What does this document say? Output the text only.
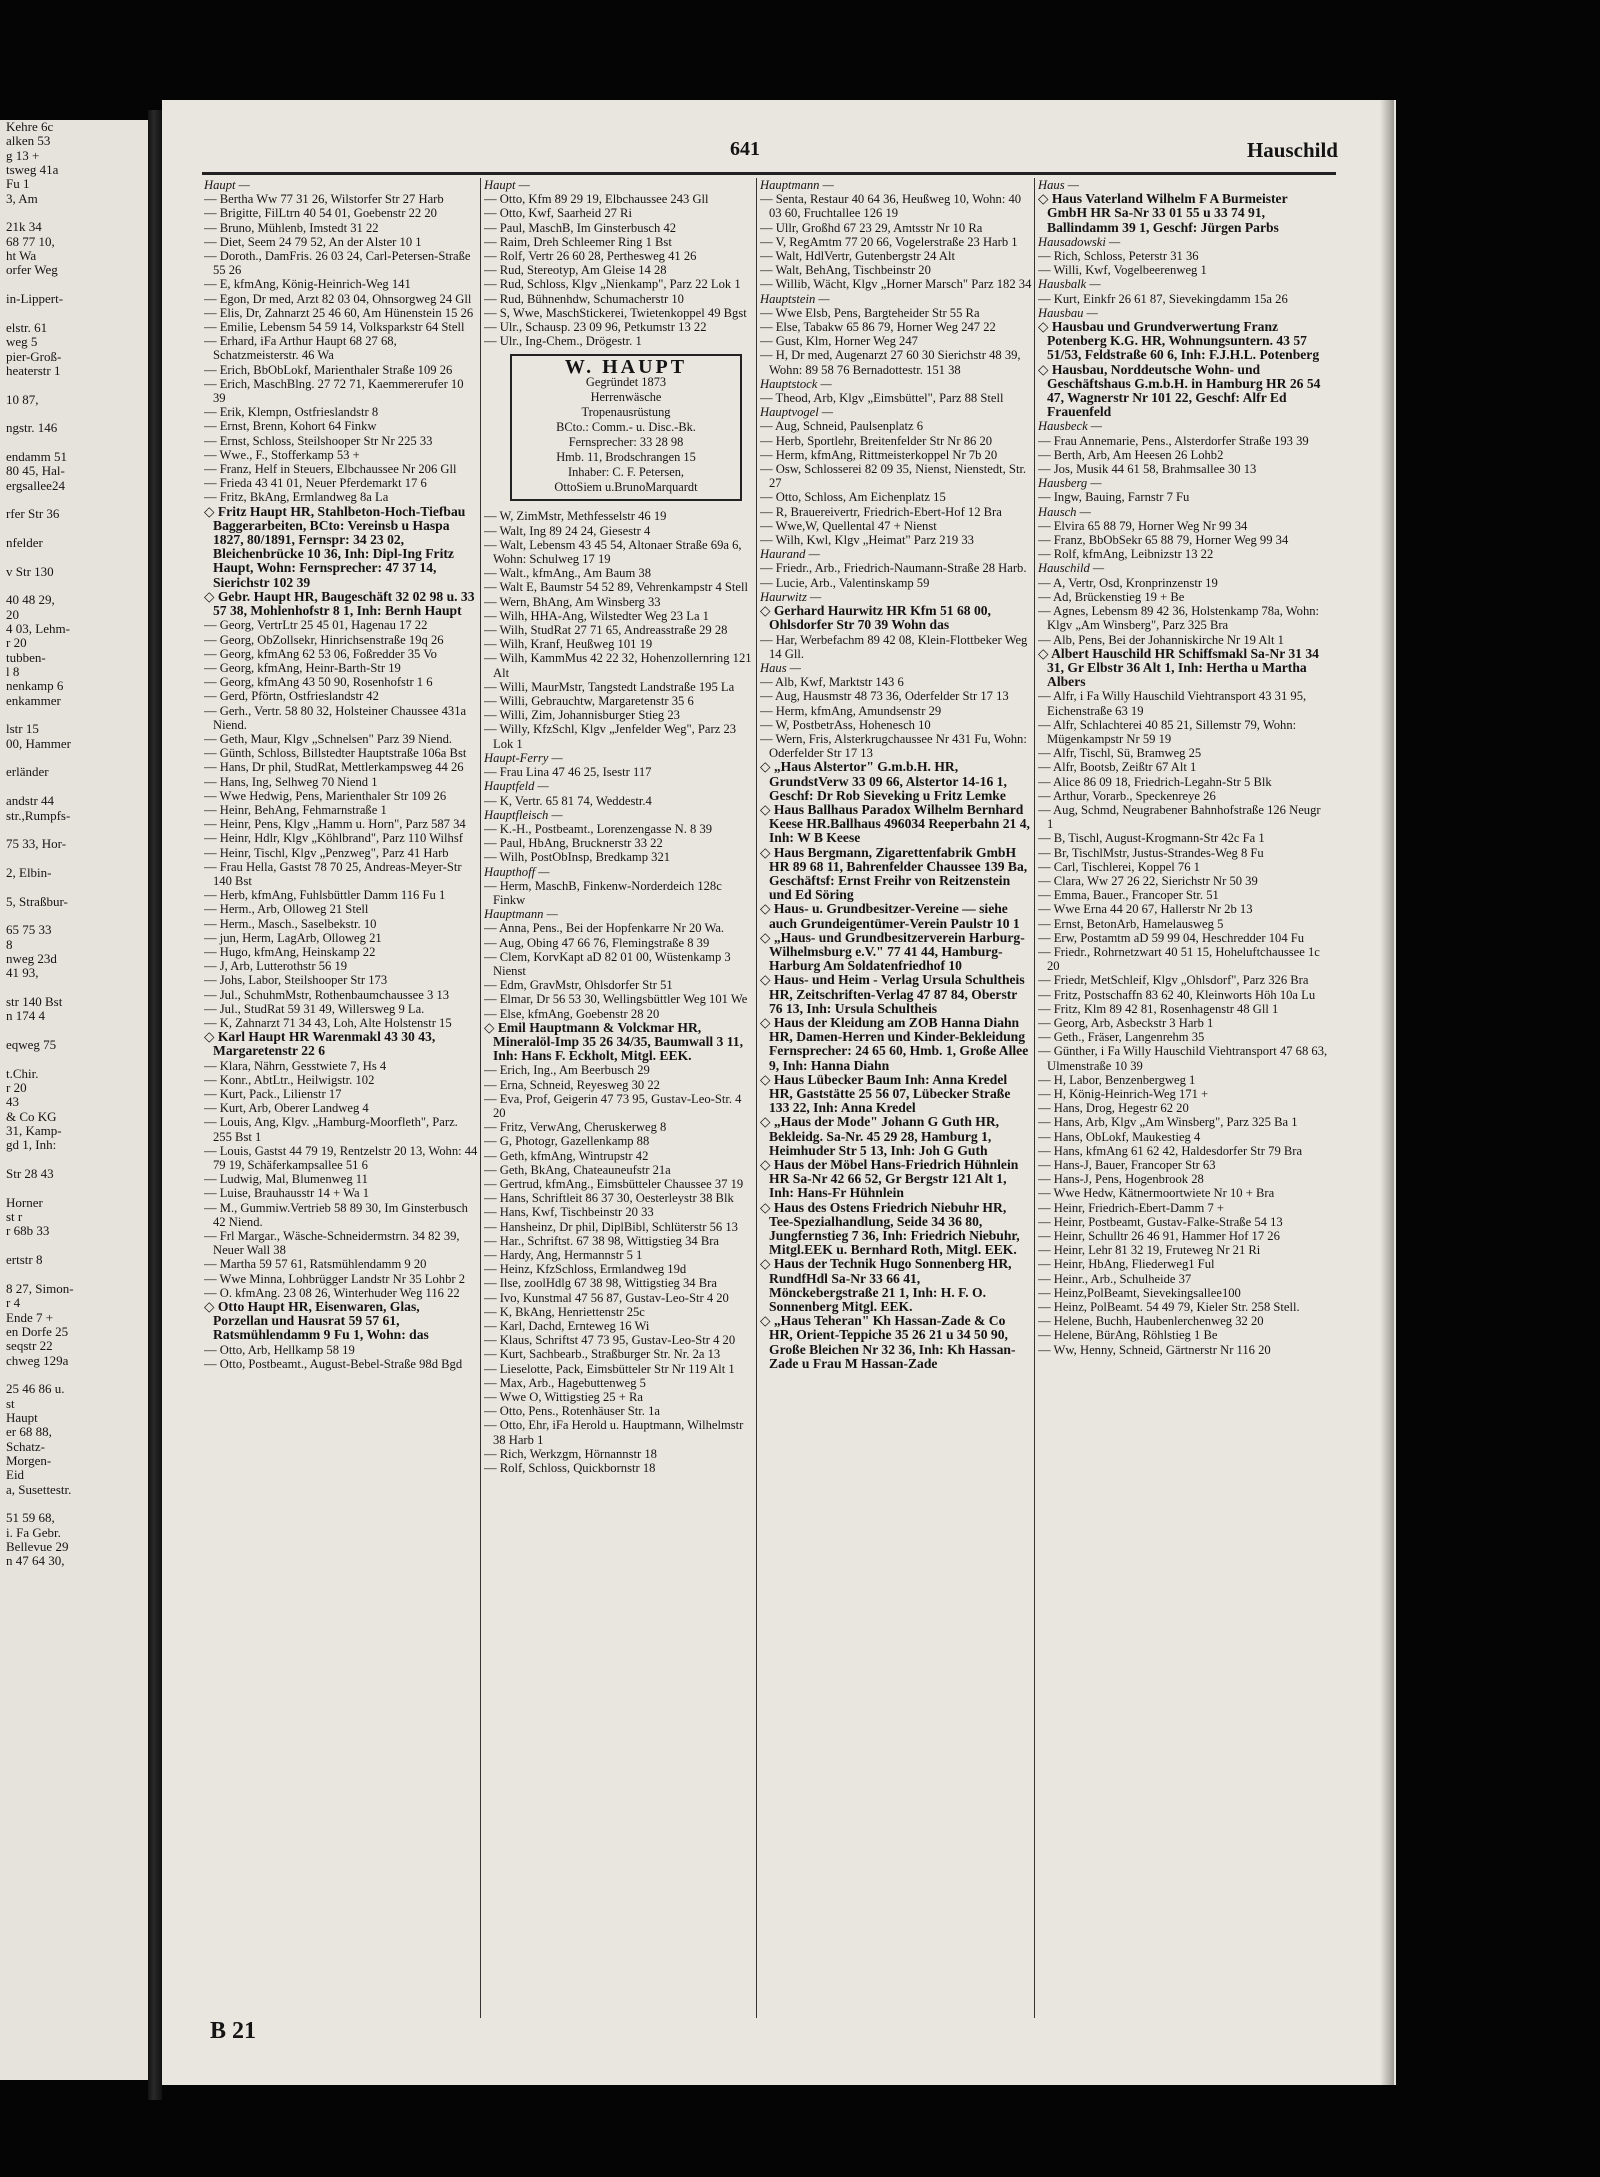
Kehre 6c
alken 53
g 13 +
tsweg 41a
Fu 1
3, Am

21k 34
68 77 10,
ht Wa
orfer Weg

in-Lippert-

elstr. 61
weg 5
pier-Groß-
heaterstr 1

10 87,

ngstr. 146

endamm 51
80 45, Hal-
ergsallee24

rfer Str 36

nfelder

v Str 130

40 48 29,
20
4 03, Lehm-
r 20
tubben-
l 8
nenkamp 6
enkammer

lstr 15
00, Hammer

erländer

andstr 44
str.,Rumpfs-

75 33, Hor-

2, Elbin-

5, Straßbur-

65 75 33
8
nweg 23d
41 93,

str 140 Bst
n 174 4

eqweg 75

t.Chir.
r 20
43
& Co KG
31, Kamp-
gd 1, Inh:

Str 28 43

Horner
st r
r 68b 33

ertstr 8

8 27, Simon-
r 4
Ende 7 +
en Dorfe 25
seqstr 22
chweg 129a

25 46 86 u.
st
Haupt
er 68 88,
Schatz-
Morgen-
Eid
a, Susettestr.

51 59 68,
i. Fa Gebr.
Bellevue 29
n 47 64 30,
641	Hauschild
Haupt —
— Bertha Ww 77 31 26, Wilstorfer Str 27 Harb
— Brigitte, FilLtrn 40 54 01, Goebenstr 22 20
— Bruno, Mühlenb, Imstedt 31 22
— Diet, Seem 24 79 52, An der Alster 10 1
— Doroth., DamFris. 26 03 24, Carl-Petersen-Straße 55 26
— E, kfmAng, König-Heinrich-Weg 141
— Egon, Dr med, Arzt 82 03 04, Ohnsorgweg 24 Gll
— Elis, Dr, Zahnarzt 25 46 60, Am Hünenstein 15 26
— Emilie, Lebensm 54 59 14, Volksparkstr 64 Stell
— Erhard, iFa Arthur Haupt 68 27 68, Schatzmeisterstr. 46 Wa
— Erich, BbObLokf, Marienthaler Straße 109 26
— Erich, MaschBlng. 27 72 71, Kaemmererufer 10 39
— Erik, Klempn, Ostfrieslandstr 8
— Ernst, Brenn, Kohort 64 Finkw
— Ernst, Schloss, Steilshooper Str Nr 225 33
— Wwe., F., Stofferkamp 53 +
— Franz, Helf in Steuers, Elbchaussee Nr 206 Gll
— Frieda 43 41 01, Neuer Pferdemarkt 17 6
— Fritz, BkAng, Ermlandweg 8a La
◇ Fritz Haupt HR, Stahlbeton-Hoch-Tiefbau Baggerarbeiten, BCto: Vereinsb u Haspa 1827, 80/1891, Fernspr: 34 23 02, Bleichenbrücke 10 36, Inh: Dipl-Ing Fritz Haupt, Wohn: Fernsprecher: 47 37 14, Sierichstr 102 39
◇ Gebr. Haupt HR, Baugeschäft 32 02 98 u. 33 57 38, Mohlenhofstr 8 1, Inh: Bernh Haupt
— Georg, VertrLtr 25 45 01, Hagenau 17 22
— Georg, ObZollsekr, Hinrichsenstraße 19q 26
— Georg, kfmAng 62 53 06, Foßredder 35 Vo
— Georg, kfmAng, Heinr-Barth-Str 19
— Georg, kfmAng 43 50 90, Rosenhofstr 1 6
— Gerd, Pförtn, Ostfrieslandstr 42
— Gerh., Vertr. 58 80 32, Holsteiner Chaussee 431a Niend.
— Geth, Maur, Klgv „Schnelsen" Parz 39 Niend.
— Günth, Schloss, Billstedter Hauptstraße 106a Bst
— Hans, Dr phil, StudRat, Mettlerkampsweg 44 26
— Hans, Ing, Selhweg 70 Niend 1
— Wwe Hedwig, Pens, Marienthaler Str 109 26
— Heinr, BehAng, Fehmarnstraße 1
— Heinr, Pens, Klgv „Hamm u. Horn", Parz 587 34
— Heinr, Hdlr, Klgv „Köhlbrand", Parz 110 Wilhsf
— Heinr, Tischl, Klgv „Penzweg", Parz 41 Harb
— Frau Hella, Gastst 78 70 25, Andreas-Meyer-Str 140 Bst
— Herb, kfmAng, Fuhlsbüttler Damm 116 Fu 1
— Herm., Arb, Olloweg 21 Stell
— Herm., Masch., Saselbekstr. 10
— jun, Herm, LagArb, Olloweg 21
— Hugo, kfmAng, Heinskamp 22
— J, Arb, Lutterothstr 56 19
— Johs, Labor, Steilshooper Str 173
— Jul., SchuhmMstr, Rothenbaumchaussee 3 13
— Jul., StudRat 59 31 49, Willersweg 9 La.
— K, Zahnarzt 71 34 43, Loh, Alte Holstenstr 15
◇ Karl Haupt HR Warenmakl 43 30 43, Margaretenstr 22 6
— Klara, Nährn, Gesstwiete 7, Hs 4
— Konr., AbtLtr., Heilwigstr. 102
— Kurt, Pack., Lilienstr 17
— Kurt, Arb, Oberer Landweg 4
— Louis, Ang, Klgv. „Hamburg-Moorfleth", Parz. 255 Bst 1
— Louis, Gastst 44 79 19, Rentzelstr 20 13, Wohn: 44 79 19, Schäferkampsallee 51 6
— Ludwig, Mal, Blumenweg 11
— Luise, Brauhausstr 14 + Wa 1
— M., Gummiw.Vertrieb 58 89 30, Im Ginsterbusch 42 Niend.
— Frl Margar., Wäsche-Schneidermstrn. 34 82 39, Neuer Wall 38
— Martha 59 57 61, Ratsmühlendamm 9 20
— Wwe Minna, Lohbrügger Landstr Nr 35 Lohbr 2
— O. kfmAng. 23 08 26, Winterhuder Weg 116 22
◇ Otto Haupt HR, Eisenwaren, Glas, Porzellan und Hausrat 59 57 61, Ratsmühlendamm 9 Fu 1, Wohn: das
— Otto, Arb, Hellkamp 58 19
— Otto, Postbeamt., August-Bebel-Straße 98d Bgd
Haupt —
— Otto, Kfm 89 29 19, Elbchaussee 243 Gll
— Otto, Kwf, Saarheid 27 Ri
— Paul, MaschB, Im Ginsterbusch 42
— Raim, Dreh Schleemer Ring 1 Bst
— Rolf, Vertr 26 60 28, Perthesweg 41 26
— Rud, Stereotyp, Am Gleise 14 28
— Rud, Schloss, Klgv „Nienkamp", Parz 22 Lok 1
— Rud, Bühnenhdw, Schumacherstr 10
— S, Wwe, MaschStickerei, Twietenkoppel 49 Bgst
— Ulr., Schausp. 23 09 96, Petkumstr 13 22
— Ulr., Ing-Chem., Drögestr. 1
W. HAUPT
Gegründet 1873
Herrenwäsche
Tropenausrüstung
BCto.: Comm.- u. Disc.-Bk.
Fernsprecher: 33 28 98
Hmb. 11, Brodschrangen 15
Inhaber: C. F. Petersen,
OttoSiem u.BrunoMarquardt
— W, ZimMstr, Methfesselstr 46 19
— Walt, Ing 89 24 24, Giesestr 4
— Walt, Lebensm 43 45 54, Altonaer Straße 69a 6, Wohn: Schulweg 17 19
— Walt., kfmAng., Am Baum 38
— Walt E, Baumstr 54 52 89, Vehrenkampstr 4 Stell
— Wern, BhAng, Am Winsberg 33
— Wilh, HHA-Ang, Wilstedter Weg 23 La 1
— Wilh, StudRat 27 71 65, Andreasstraße 29 28
— Wilh, Kranf, Heußweg 101 19
— Wilh, KammMus 42 22 32, Hohenzollernring 121 Alt
— Willi, MaurMstr, Tangstedt Landstraße 195 La
— Willi, Gebrauchtw, Margaretenstr 35 6
— Willi, Zim, Johannisburger Stieg 23
— Willy, KfzSchl, Klgv „Jenfelder Weg", Parz 23 Lok 1
Haupt-Ferry —
— Frau Lina 47 46 25, Isestr 117
Hauptfeld —
— K, Vertr. 65 81 74, Weddestr.4
Hauptfleisch —
— K.-H., Postbeamt., Lorenzengasse N. 8 39
— Paul, HbAng, Brucknerstr 33 22
— Wilh, PostObInsp, Bredkamp 321
Haupthoff —
— Herm, MaschB, Finkenw-Norderdeich 128c Finkw
Hauptmann —
— Anna, Pens., Bei der Hopfenkarre Nr 20 Wa.
— Aug, Obing 47 66 76, Flemingstraße 8 39
— Clem, KorvKapt aD 82 01 00, Wüstenkamp 3 Nienst
— Edm, GravMstr, Ohlsdorfer Str 51
— Elmar, Dr 56 53 30, Wellingsbüttler Weg 101 We
— Else, kfmAng, Goebenstr 28 20
◇ Emil Hauptmann & Volckmar HR, Mineralöl-Imp 35 26 34/35, Baumwall 3 11, Inh: Hans F. Eckholt, Mitgl. EEK.
— Erich, Ing., Am Beerbusch 29
— Erna, Schneid, Reyesweg 30 22
— Eva, Prof, Geigerin 47 73 95, Gustav-Leo-Str. 4 20
— Fritz, VerwAng, Cheruskerweg 8
— G, Photogr, Gazellenkamp 88
— Geth, kfmAng, Wintrupstr 42
— Geth, BkAng, Chateauneufstr 21a
— Gertrud, kfmAng., Eimsbütteler Chaussee 37 19
— Hans, Schriftleit 86 37 30, Oesterleystr 38 Blk
— Hans, Kwf, Tischbeinstr 20 33
— Hansheinz, Dr phil, DiplBibl, Schlüterstr 56 13
— Har., Schriftst. 67 38 98, Wittigstieg 34 Bra
— Hardy, Ang, Hermannstr 5 1
— Heinz, KfzSchloss, Ermlandweg 19d
— Ilse, zoolHdlg 67 38 98, Wittigstieg 34 Bra
— Ivo, Kunstmal 47 56 87, Gustav-Leo-Str 4 20
— K, BkAng, Henriettenstr 25c
— Karl, Dachd, Ernteweg 16 Wi
— Klaus, Schriftst 47 73 95, Gustav-Leo-Str 4 20
— Kurt, Sachbearb., Straßburger Str. Nr. 2a 13
— Lieselotte, Pack, Eimsbütteler Str Nr 119 Alt 1
— Max, Arb., Hagebuttenweg 5
— Wwe O, Wittigstieg 25 + Ra
— Otto, Pens., Rotenhäuser Str. 1a
— Otto, Ehr, iFa Herold u. Hauptmann, Wilhelmstr 38 Harb 1
— Rich, Werkzgm, Hörnannstr 18
— Rolf, Schloss, Quickbornstr 18
Hauptmann —
— Senta, Restaur 40 64 36, Heußweg 10, Wohn: 40 03 60, Fruchtallee 126 19
— Ullr, Großhd 67 23 29, Amtsstr Nr 10 Ra
— V, RegAmtm 77 20 66, Vogelerstraße 23 Harb 1
— Walt, HdlVertr, Gutenbergstr 24 Alt
— Walt, BehAng, Tischbeinstr 20
— Willib, Wächt, Klgv „Horner Marsch" Parz 182 34
Hauptstein —
— Wwe Elsb, Pens, Bargteheider Str 55 Ra
— Else, Tabakw 65 86 79, Horner Weg 247 22
— Gust, Klm, Horner Weg 247
— H, Dr med, Augenarzt 27 60 30 Sierichstr 48 39, Wohn: 89 58 76 Bernadottestr. 151 38
Hauptstock —
— Theod, Arb, Klgv „Eimsbüttel", Parz 88 Stell
Hauptvogel —
— Aug, Schneid, Paulsenplatz 6
— Herb, Sportlehr, Breitenfelder Str Nr 86 20
— Herm, kfmAng, Rittmeisterkoppel Nr 7b 20
— Osw, Schlosserei 82 09 35, Nienst, Nienstedt, Str. 27
— Otto, Schloss, Am Eichenplatz 15
— R, Brauereivertr, Friedrich-Ebert-Hof 12 Bra
— Wwe,W, Quellental 47 + Nienst
— Wilh, Kwl, Klgv „Heimat" Parz 219 33
Haurand —
— Friedr., Arb., Friedrich-Naumann-Straße 28 Harb.
— Lucie, Arb., Valentinskamp 59
Haurwitz —
◇ Gerhard Haurwitz HR Kfm 51 68 00, Ohlsdorfer Str 70 39 Wohn das
— Har, Werbefachm 89 42 08, Klein-Flottbeker Weg 14 Gll.
Haus —
— Alb, Kwf, Marktstr 143 6
— Aug, Hausmstr 48 73 36, Oderfelder Str 17 13
— Herm, kfmAng, Amundsenstr 29
— W, PostbetrAss, Hohenesch 10
— Wern, Fris, Alsterkrugchaussee Nr 431 Fu, Wohn: Oderfelder Str 17 13
◇ „Haus Alstertor" G.m.b.H. HR, GrundstVerw 33 09 66, Alstertor 14-16 1, Geschf: Dr Rob Sieveking u Fritz Lemke
◇ Haus Ballhaus Paradox Wilhelm Bernhard Keese HR.Ballhaus 496034 Reeperbahn 21 4, Inh: W B Keese
◇ Haus Bergmann, Zigarettenfabrik GmbH HR 89 68 11, Bahrenfelder Chaussee 139 Ba, Geschäftsf: Ernst Freihr von Reitzenstein und Ed Söring
◇ Haus- u. Grundbesitzer-Vereine — siehe auch Grundeigentümer-Verein Paulstr 10 1
◇ „Haus- und Grundbesitzerverein Harburg-Wilhelmsburg e.V." 77 41 44, Hamburg-Harburg Am Soldatenfriedhof 10
◇ Haus- und Heim - Verlag Ursula Schultheis HR, Zeitschriften-Verlag 47 87 84, Oberstr 76 13, Inh: Ursula Schultheis
◇ Haus der Kleidung am ZOB Hanna Diahn HR, Damen-Herren und Kinder-Bekleidung Fernsprecher: 24 65 60, Hmb. 1, Große Allee 9, Inh: Hanna Diahn
◇ Haus Lübecker Baum Inh: Anna Kredel HR, Gaststätte 25 56 07, Lübecker Straße 133 22, Inh: Anna Kredel
◇ „Haus der Mode" Johann G Guth HR, Bekleidg. Sa-Nr. 45 29 28, Hamburg 1, Heimhuder Str 5 13, Inh: Joh G Guth
◇ Haus der Möbel Hans-Friedrich Hühnlein HR Sa-Nr 42 66 52, Gr Bergstr 121 Alt 1, Inh: Hans-Fr Hühnlein
◇ Haus des Ostens Friedrich Niebuhr HR, Tee-Spezialhandlung, Seide 34 36 80, Jungfernstieg 7 36, Inh: Friedrich Niebuhr, Mitgl.EEK u. Bernhard Roth, Mitgl. EEK.
◇ Haus der Technik Hugo Sonnenberg HR, RundfHdl Sa-Nr 33 66 41, Mönckebergstraße 21 1, Inh: H. F. O. Sonnenberg Mitgl. EEK.
◇ „Haus Teheran" Kh Hassan-Zade & Co HR, Orient-Teppiche 35 26 21 u 34 50 90, Große Bleichen Nr 32 36, Inh: Kh Hassan-Zade u Frau M Hassan-Zade
Haus —
◇ Haus Vaterland Wilhelm F A Burmeister GmbH HR Sa-Nr 33 01 55 u 33 74 91, Ballindamm 39 1, Geschf: Jürgen Parbs
Hausadowski —
— Rich, Schloss, Peterstr 31 36
— Willi, Kwf, Vogelbeerenweg 1
Hausbalk —
— Kurt, Einkfr 26 61 87, Sievekingdamm 15a 26
Hausbau —
◇ Hausbau und Grundverwertung Franz Potenberg K.G. HR, Wohnungsuntern. 43 57 51/53, Feldstraße 60 6, Inh: F.J.H.L. Potenberg
◇ Hausbau, Norddeutsche Wohn- und Geschäftshaus G.m.b.H. in Hamburg HR 26 54 47, Wagnerstr Nr 101 22, Geschf: Alfr Ed Frauenfeld
Hausbeck —
— Frau Annemarie, Pens., Alsterdorfer Straße 193 39
— Berth, Arb, Am Heesen 26 Lohb2
— Jos, Musik 44 61 58, Brahmsallee 30 13
Hausberg —
— Ingw, Bauing, Farnstr 7 Fu
Hausch —
— Elvira 65 88 79, Horner Weg Nr 99 34
— Franz, BbObSekr 65 88 79, Horner Weg 99 34
— Rolf, kfmAng, Leibnizstr 13 22
Hauschild —
— A, Vertr, Osd, Kronprinzenstr 19
— Ad, Brückenstieg 19 + Be
— Agnes, Lebensm 89 42 36, Holstenkamp 78a, Wohn: Klgv „Am Winsberg", Parz 325 Bra
— Alb, Pens, Bei der Johanniskirche Nr 19 Alt 1
◇ Albert Hauschild HR Schiffsmakl Sa-Nr 31 34 31, Gr Elbstr 36 Alt 1, Inh: Hertha u Martha Albers
— Alfr, i Fa Willy Hauschild Viehtransport 43 31 95, Eichenstraße 63 19
— Alfr, Schlachterei 40 85 21, Sillemstr 79, Wohn: Mügenkampstr Nr 59 19
— Alfr, Tischl, Sü, Bramweg 25
— Alfr, Bootsb, Zeißtr 67 Alt 1
— Alice 86 09 18, Friedrich-Legahn-Str 5 Blk
— Arthur, Vorarb., Speckenreye 26
— Aug, Schmd, Neugrabener Bahnhofstraße 126 Neugr 1
— B, Tischl, August-Krogmann-Str 42c Fa 1
— Br, TischlMstr, Justus-Strandes-Weg 8 Fu
— Carl, Tischlerei, Koppel 76 1
— Clara, Ww 27 26 22, Sierichstr Nr 50 39
— Emma, Bauer., Francoper Str. 51
— Wwe Erna 44 20 67, Hallerstr Nr 2b 13
— Ernst, BetonArb, Hamelausweg 5
— Erw, Postamtm aD 59 99 04, Heschredder 104 Fu
— Friedr., Rohrnetzwart 40 51 15, Hoheluftchaussee 1c 20
— Friedr, MetSchleif, Klgv „Ohlsdorf", Parz 326 Bra
— Fritz, Postschaffn 83 62 40, Kleinworts Höh 10a Lu
— Fritz, Klm 89 42 81, Rosenhagenstr 48 Gll 1
— Georg, Arb, Asbeckstr 3 Harb 1
— Geth., Fräser, Langenrehm 35
— Günther, i Fa Willy Hauschild Viehtransport 47 68 63, Ulmenstraße 10 39
— H, Labor, Benzenbergweg 1
— H, König-Heinrich-Weg 171 +
— Hans, Drog, Hegestr 62 20
— Hans, Arb, Klgv „Am Winsberg", Parz 325 Ba 1
— Hans, ObLokf, Maukestieg 4
— Hans, kfmAng 61 62 42, Haldesdorfer Str 79 Bra
— Hans-J, Bauer, Francoper Str 63
— Hans-J, Pens, Hogenbrook 28
— Wwe Hedw, Kätnermoortwiete Nr 10 + Bra
— Heinr, Friedrich-Ebert-Damm 7 +
— Heinr, Postbeamt, Gustav-Falke-Straße 54 13
— Heinr, Schulltr 26 46 91, Hammer Hof 17 26
— Heinr, Lehr 81 32 19, Fruteweg Nr 21 Ri
— Heinr, HbAng, Fliederweg1 Ful
— Heinr., Arb., Schulheide 37
— Heinz,PolBeamt, Sievekingsallee100
— Heinz, PolBeamt. 54 49 79, Kieler Str. 258 Stell.
— Helene, Buchh, Haubenlerchenweg 32 20
— Helene, BürAng, Röhlstieg 1 Be
— Ww, Henny, Schneid, Gärtnerstr Nr 116 20
B 21
